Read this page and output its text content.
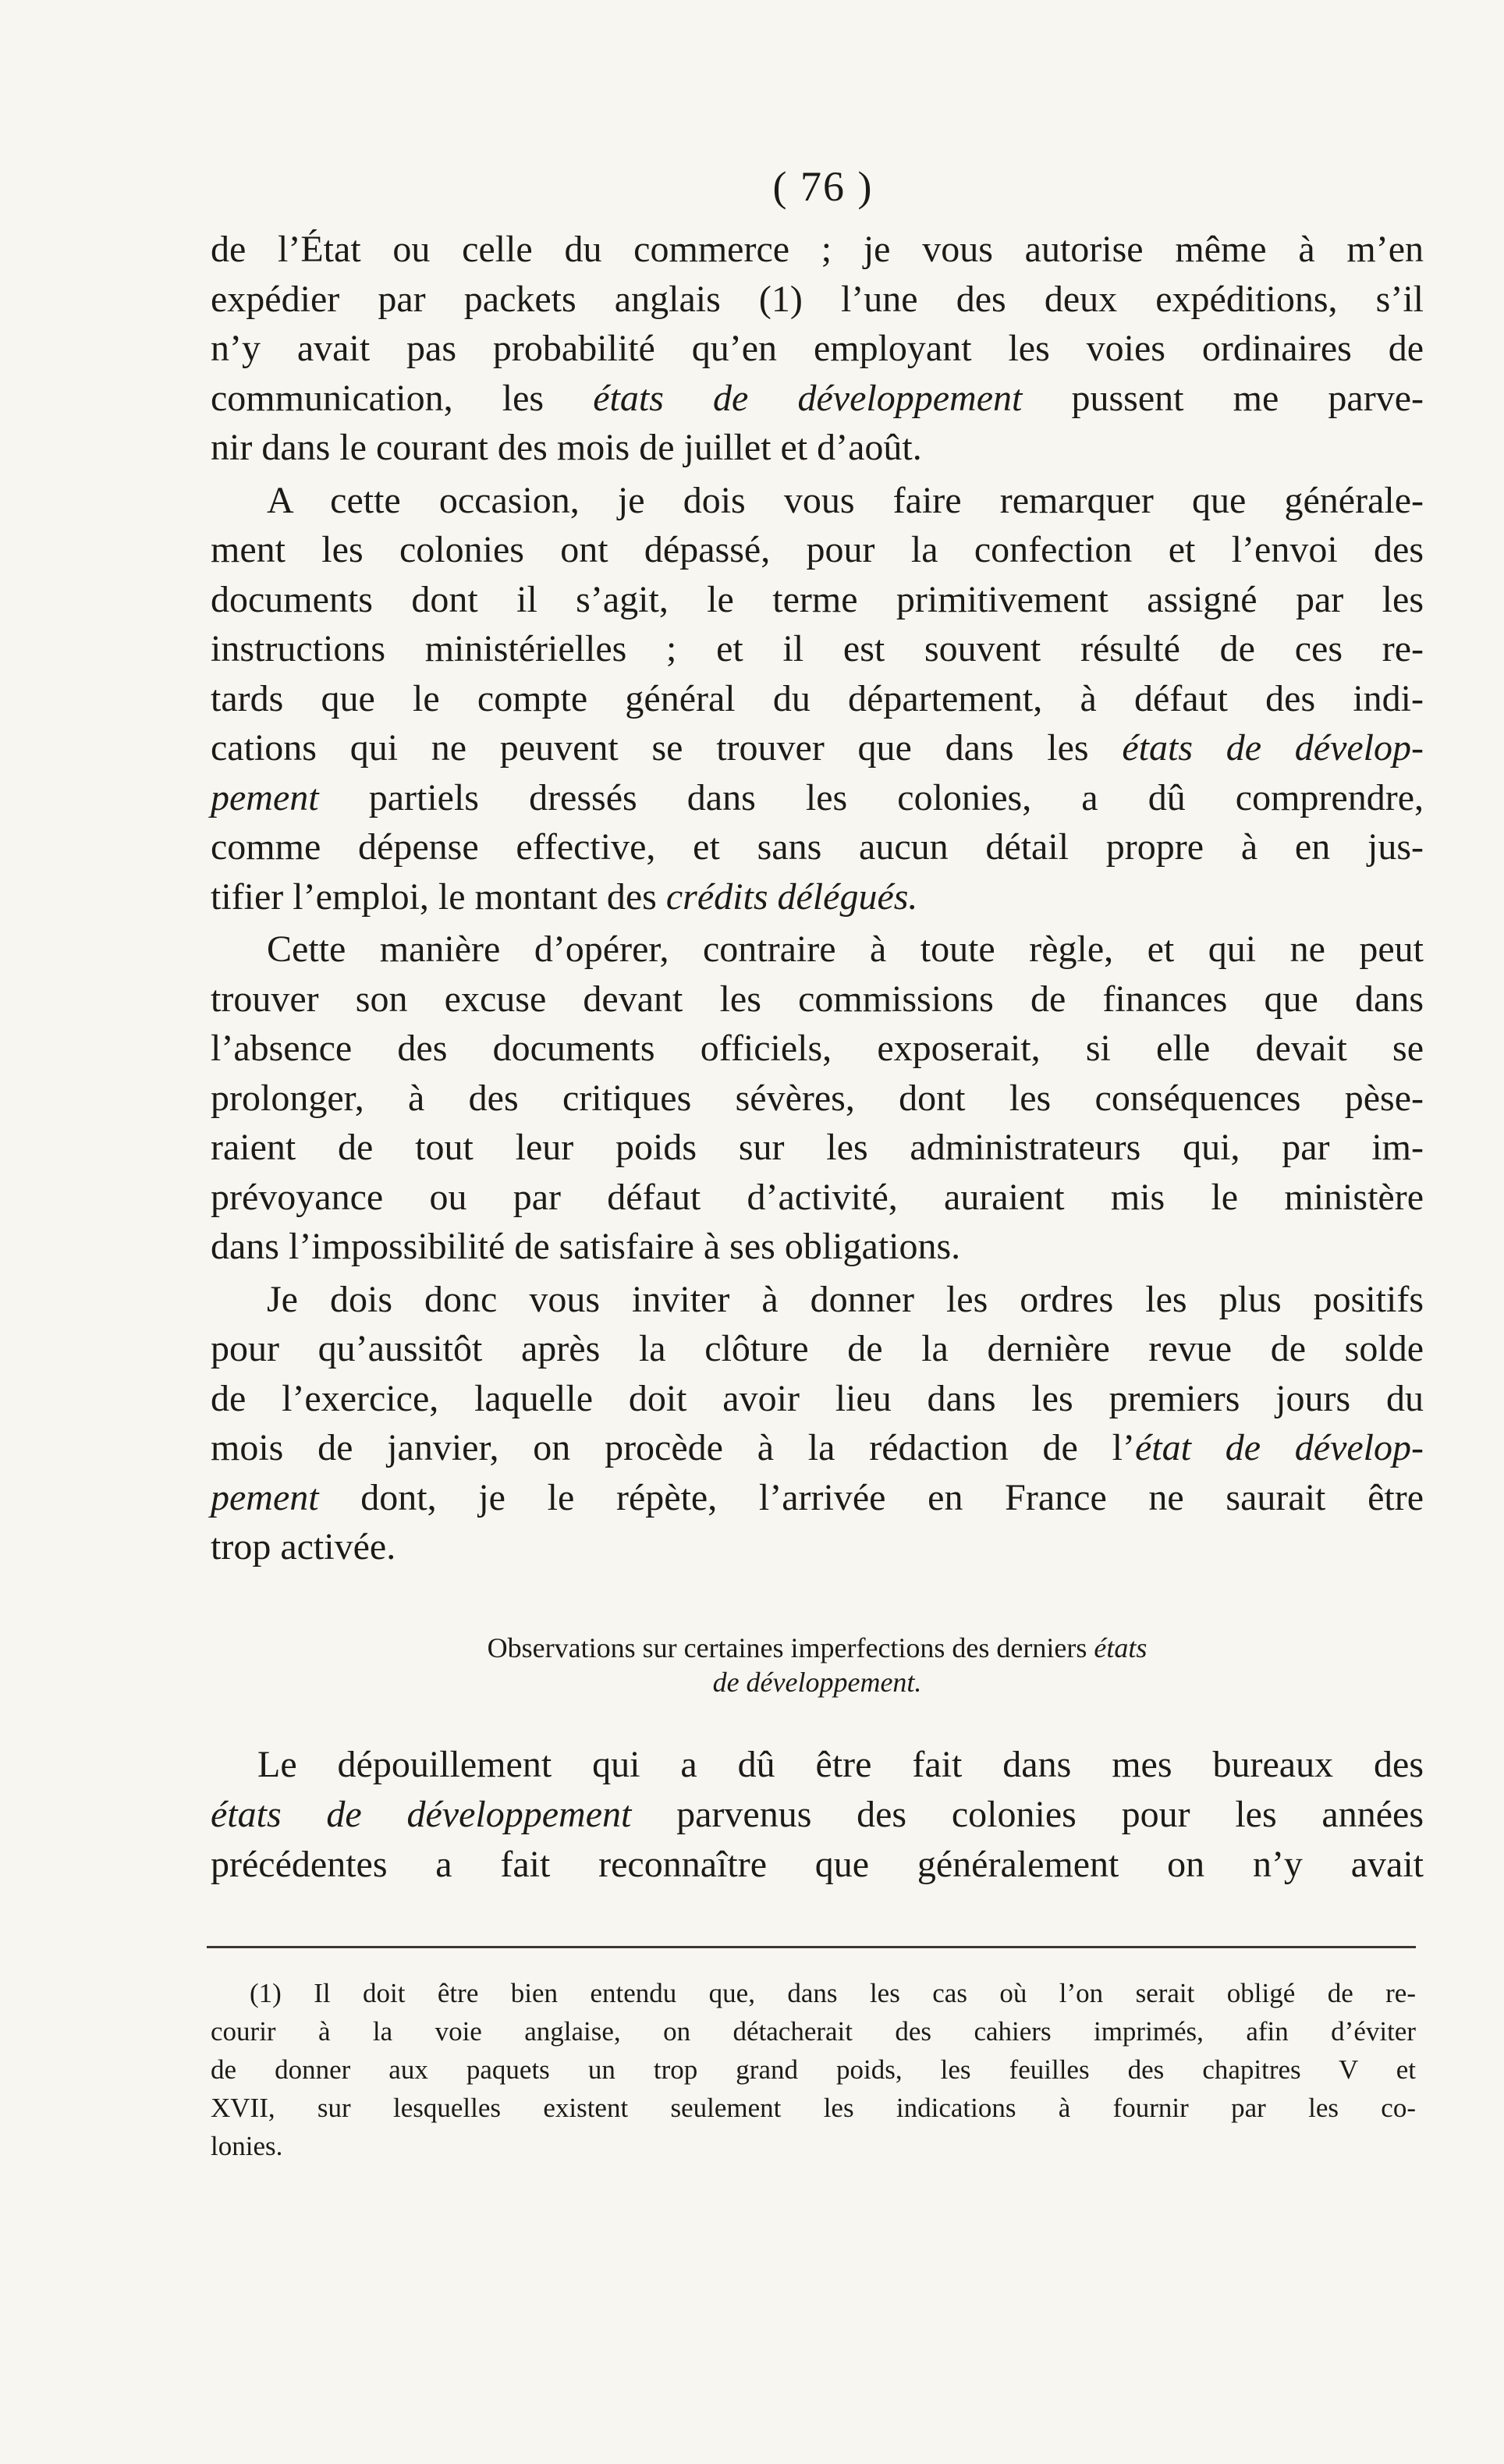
( 76 )

de l’État ou celle du commerce ; je vous autorise même à m’en
expédier par packets anglais (1) l’une des deux expéditions, s’il
n’y avait pas probabilité qu’en employant les voies ordinaires de
communication, les états de développement pussent me parve-
nir dans le courant des mois de juillet et d’août.

A cette occasion, je dois vous faire remarquer que générale-
ment les colonies ont dépassé, pour la confection et l’envoi des
documents dont il s’agit, le terme primitivement assigné par les
instructions ministérielles ; et il est souvent résulté de ces re-
tards que le compte général du département, à défaut des indi-
cations qui ne peuvent se trouver que dans les états de dévelop-
pement partiels dressés dans les colonies, a dû comprendre,
comme dépense effective, et sans aucun détail propre à en jus-
tifier l’emploi, le montant des crédits délégués.

Cette manière d’opérer, contraire à toute règle, et qui ne peut
trouver son excuse devant les commissions de finances que dans
l’absence des documents officiels, exposerait, si elle devait se
prolonger, à des critiques sévères, dont les conséquences pèse-
raient de tout leur poids sur les administrateurs qui, par im-
prévoyance ou par défaut d’activité, auraient mis le ministère
dans l’impossibilité de satisfaire à ses obligations.

Je dois donc vous inviter à donner les ordres les plus positifs
pour qu’aussitôt après la clôture de la dernière revue de solde
de l’exercice, laquelle doit avoir lieu dans les premiers jours du
mois de janvier, on procède à la rédaction de l’état de dévelop-
pement dont, je le répète, l’arrivée en France ne saurait être
trop activée.

Observations sur certaines imperfections des derniers états
de développement.
Le dépouillement qui a dû être fait dans mes bureaux des
états de développement parvenus des colonies pour les années
précédentes a fait reconnaître que généralement on n’y avait
(1) Il doit être bien entendu que, dans les cas où l’on serait obligé de re-
courir à la voie anglaise, on détacherait des cahiers imprimés, afin d’éviter
de donner aux paquets un trop grand poids, les feuilles des chapitres V et
XVII, sur lesquelles existent seulement les indications à fournir par les co-
lonies.
